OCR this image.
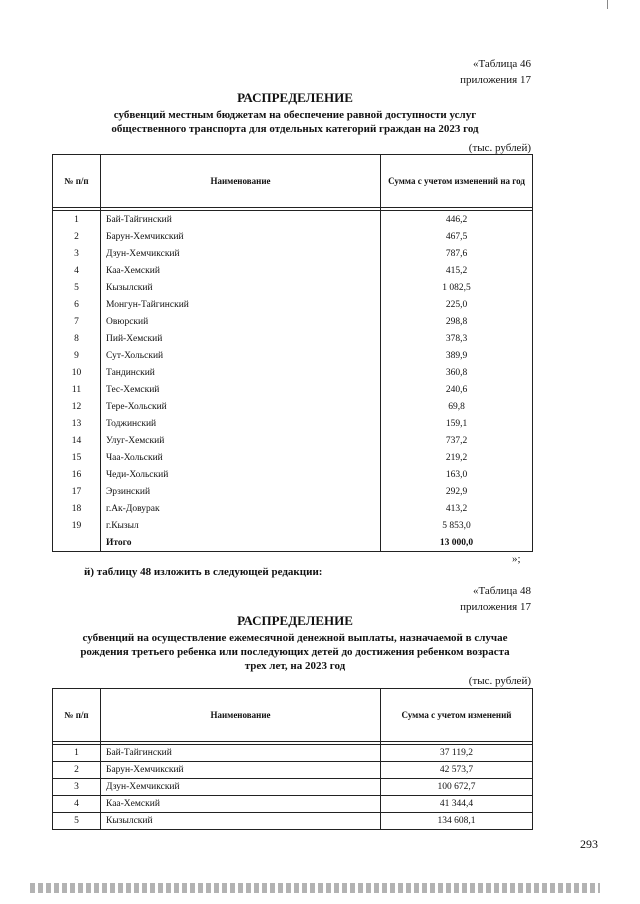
«Таблица 46
приложения 17
РАСПРЕДЕЛЕНИЕ
субвенций местным бюджетам на обеспечение равной доступности услуг
общественного транспорта для отдельных категорий граждан на 2023 год
(тыс. рублей)
№ п/п	Наименование	Сумма с учетом изменений на год

1	Бай-Тайгинский	446,2
2	Барун-Хемчикский	467,5
3	Дзун-Хемчикский	787,6
4	Каа-Хемский	415,2
5	Кызылский	1 082,5
6	Монгун-Тайгинский	225,0
7	Овюрский	298,8
8	Пий-Хемский	378,3
9	Сут-Хольский	389,9
10	Тандинский	360,8
11	Тес-Хемский	240,6
12	Тере-Хольский	69,8
13	Тоджинский	159,1
14	Улуг-Хемский	737,2
15	Чаа-Хольский	219,2
16	Чеди-Хольский	163,0
17	Эрзинский	292,9
18	г.Ак-Довурак	413,2
19	г.Кызыл	5 853,0
	Итого	13 000,0
»;
й) таблицу 48 изложить в следующей редакции:
«Таблица 48
приложения 17
РАСПРЕДЕЛЕНИЕ
субвенций на осуществление ежемесячной денежной выплаты, назначаемой в случае
рождения третьего ребенка или последующих детей до достижения ребенком возраста
трех лет, на 2023 год
(тыс. рублей)
№ п/п	Наименование	Сумма с учетом изменений

1	Бай-Тайгинский	37 119,2
2	Барун-Хемчикский	42 573,7
3	Дзун-Хемчикский	100 672,7
4	Каа-Хемский	41 344,4
5	Кызылский	134 608,1
293
